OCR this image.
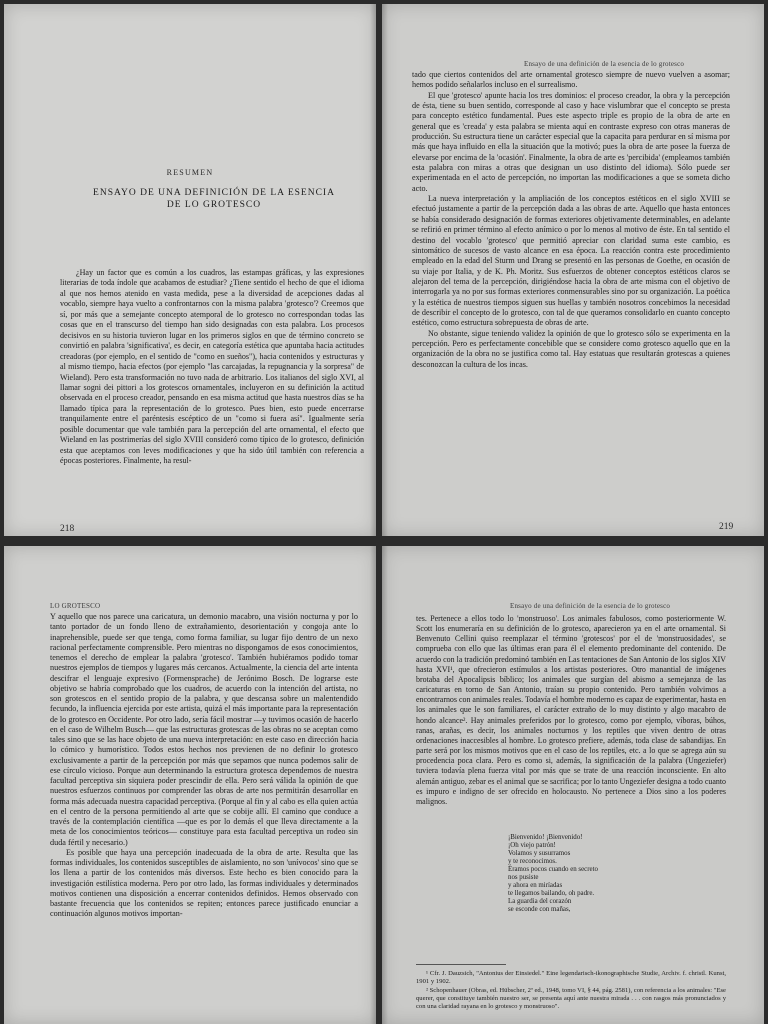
RESUMEN
ENSAYO DE UNA DEFINICIÓN DE LA ESENCIA
DE LO GROTESCO

¿Hay un factor que es común a los cuadros, las estampas gráficas, y las expresiones literarias de toda índole que acabamos de estudiar? ¿Tiene sentido el hecho de que el idioma al que nos hemos atenido en vasta medida, pese a la diversidad de acepciones dadas al vocablo, siempre haya vuelto a confrontarnos con la misma palabra 'grotesco'? Creemos que sí, por más que a semejante concepto atemporal de lo grotesco no correspondan todas las cosas que en el transcurso del tiempo han sido designadas con esta palabra. Los procesos decisivos en su historia tuvieron lugar en los primeros siglos en que de término concreto se convirtió en palabra 'significativa', es decir, en categoría estética que apuntaba hacia actitudes creadoras (por ejemplo, en el sentido de "como en sueños"), hacia contenidos y estructuras y al mismo tiempo, hacia efectos (por ejemplo "las carcajadas, la repugnancia y la sorpresa" de Wieland). Pero esta transformación no tuvo nada de arbitrario. Los italianos del siglo XVI, al llamar sogni dei pittori a los grotescos ornamentales, incluyeron en su definición la actitud observada en el proceso creador, pensando en esa misma actitud que hasta nuestros días se ha llamado típica para la representación de lo grotesco. Pues bien, esto puede encerrarse tranquilamente entre el paréntesis escéptico de un "como si fuera así". Igualmente sería posible documentar que vale también para la percepción del arte ornamental, el efecto que Wieland en las postrimerías del siglo XVIII consideró como típico de lo grotesco, definición esta que aceptamos con leves modificaciones y que ha sido útil también con referencia a épocas posteriores. Finalmente, ha resul-

218
Ensayo de una definición de la esencia de lo grotesco

tado que ciertos contenidos del arte ornamental grotesco siempre de nuevo vuelven a asomar; hemos podido señalarlos incluso en el surrealismo.

El que 'grotesco' apunte hacia los tres dominios: el proceso creador, la obra y la percepción de ésta, tiene su buen sentido, corresponde al caso y hace vislumbrar que el concepto se presta para concepto estético fundamental. Pues este aspecto triple es propio de la obra de arte en general que es 'creada' y esta palabra se mienta aquí en contraste expreso con otras maneras de producción. Su estructura tiene un carácter especial que la capacita para perdurar en sí misma por más que haya influido en ella la situación que la motivó; pues la obra de arte posee la fuerza de elevarse por encima de la 'ocasión'. Finalmente, la obra de arte es 'percibida' (empleamos también esta palabra con miras a otras que designan un uso distinto del idioma). Sólo puede ser experimentada en el acto de percepción, no importan las modificaciones a que se someta dicho acto.

La nueva interpretación y la ampliación de los conceptos estéticos en el siglo XVIII se efectuó justamente a partir de la percepción dada a las obras de arte. Aquello que hasta entonces se había considerado designación de formas exteriores objetivamente determinables, en adelante se refirió en primer término al efecto anímico o por lo menos al motivo de éste. En tal sentido el destino del vocablo 'grotesco' que permitió apreciar con claridad suma este cambio, es sintomático de sucesos de vasto alcance en esa época. La reacción contra este procedimiento empleado en la edad del Sturm und Drang se presentó en las personas de Goethe, en ocasión de su viaje por Italia, y de K. Ph. Moritz. Sus esfuerzos de obtener conceptos estéticos claros se alejaron del tema de la percepción, dirigiéndose hacia la obra de arte misma con el objetivo de interrogarla ya no por sus formas exteriores conmensurables sino por su organización. La poética y la estética de nuestros tiempos siguen sus huellas y también nosotros concebimos la necesidad de describir el concepto de lo grotesco, con tal de que queramos consolidarlo en cuanto concepto estético, como estructura sobrepuesta de obras de arte.

No obstante, sigue teniendo validez la opinión de que lo grotesco sólo se experimenta en la percepción. Pero es perfectamente concebible que se considere como grotesco aquello que en la organización de la obra no se justifica como tal. Hay estatuas que resultarán grotescas a quienes desconozcan la cultura de los incas.

219
LO GROTESCO

Y aquello que nos parece una caricatura, un demonio macabro, una visión nocturna y por lo tanto portador de un fondo lleno de extrañamiento, desorientación y congoja ante lo inaprehensible, puede ser que tenga, como forma familiar, su lugar fijo dentro de un nexo racional perfectamente comprensible. Pero mientras no dispongamos de esos conocimientos, tenemos el derecho de emplear la palabra 'grotesco'. También hubiéramos podido tomar nuestros ejemplos de tiempos y lugares más cercanos. Actualmente, la ciencia del arte intenta descifrar el lenguaje expresivo (Formensprache) de Jerónimo Bosch. De lograrse este objetivo se habría comprobado que los cuadros, de acuerdo con la intención del artista, no son grotescos en el sentido propio de la palabra, y que descansa sobre un malentendido fecundo, la influencia ejercida por este artista, quizá el más importante para la representación de lo grotesco en Occidente. Por otro lado, sería fácil mostrar —y tuvimos ocasión de hacerlo en el caso de Wilhelm Busch— que las estructuras grotescas de las obras no se aceptan como tales sino que se las hace objeto de una nueva interpretación: en este caso en dirección hacia lo cómico y humorístico. Todos estos hechos nos previenen de no definir lo grotesco exclusivamente a partir de la percepción por más que sepamos que nunca podemos salir de ese círculo vicioso. Porque aun determinando la estructura grotesca dependemos de nuestra facultad perceptiva sin siquiera poder prescindir de ella. Pero será válida la opinión de que nuestros esfuerzos continuos por comprender las obras de arte nos permitirán desarrollar en forma más adecuada nuestra capacidad perceptiva. (Porque al fin y al cabo es ella quien actúa en el centro de la persona permitiendo al arte que se cobije allí. El camino que conduce a través de la contemplación científica —que es por lo demás el que lleva directamente a la meta de los conocimientos teóricos— constituye para esta facultad perceptiva un rodeo sin duda fértil y necesario.)

Es posible que haya una percepción inadecuada de la obra de arte. Resulta que las formas individuales, los contenidos susceptibles de aislamiento, no son 'unívocos' sino que se los llena a partir de los contenidos más diversos. Este hecho es bien conocido para la investigación estilística moderna. Pero por otro lado, las formas individuales y determinados motivos contienen una disposición a encerrar contenidos definidos. Hemos observado con bastante frecuencia que los contenidos se repiten; entonces parece justificado enunciar a continuación algunos motivos importan-

Ensayo de una definición de la esencia de lo grotesco

tes. Pertenece a ellos todo lo 'monstruoso'. Los animales fabulosos, como posteriormente W. Scott los enumeraría en su definición de lo grotesco, aparecieron ya en el arte ornamental. Si Benvenuto Cellini quiso reemplazar el término 'grotescos' por el de 'monstruosidades', se comprueba con ello que las últimas eran para él el elemento predominante del contenido. De acuerdo con la tradición predominó también en Las tentaciones de San Antonio de los siglos XIV hasta XVI¹, que ofrecieron estímulos a los artistas posteriores. Otro manantial de imágenes brotaba del Apocalipsis bíblico; los animales que surgían del abismo a semejanza de las caricaturas en torno de San Antonio, traían su propio contenido. Pero también volvimos a encontrarnos con animales reales. Todavía el hombre moderno es capaz de experimentar, hasta en los animales que le son familiares, el carácter extraño de lo muy distinto y algo macabro de hondo alcance². Hay animales preferidos por lo grotesco, como por ejemplo, víboras, búhos, ranas, arañas, es decir, los animales nocturnos y los reptiles que viven dentro de otras ordenaciones inaccesibles al hombre. Lo grotesco prefiere, además, toda clase de sabandijas. En parte será por los mismos motivos que en el caso de los reptiles, etc. a lo que se agrega aún su procedencia poca clara. Pero es como si, además, la significación de la palabra (Ungeziefer) tuviera todavía plena fuerza vital por más que se trate de una reacción inconsciente. En alto alemán antiguo, zebar es el animal que se sacrifica; por lo tanto Ungeziefer designa a todo cuanto es impuro e indigno de ser ofrecido en holocausto. No pertenece a Dios sino a los poderes malignos.

¡Bienvenido! ¡Bienvenido!
¡Oh viejo patrón!
Volamos y susurramos
y te reconocimos.
Éramos pocos cuando en secreto
nos pusiste
y ahora en miríadas
te llegamos bailando, oh padre.
La guardia del corazón
se esconde con mañas,

¹ Cfr. J. Dauzsich, "Antonius der Einsiedel." Eine legendarisch-ikonographische Studie, Archiv. f. christl. Kunst, 1901 y 1902.

² Schopenhauer (Obras, ed. Hübscher, 2ª ed., 1948, tomo VI, § 44, pág. 2581), con referencia a los animales: "Ese querer, que constituye también nuestro ser, se presenta aquí ante nuestra mirada . . . con rasgos más pronunciados y con una claridad rayana en lo grotesco y monstruoso".
